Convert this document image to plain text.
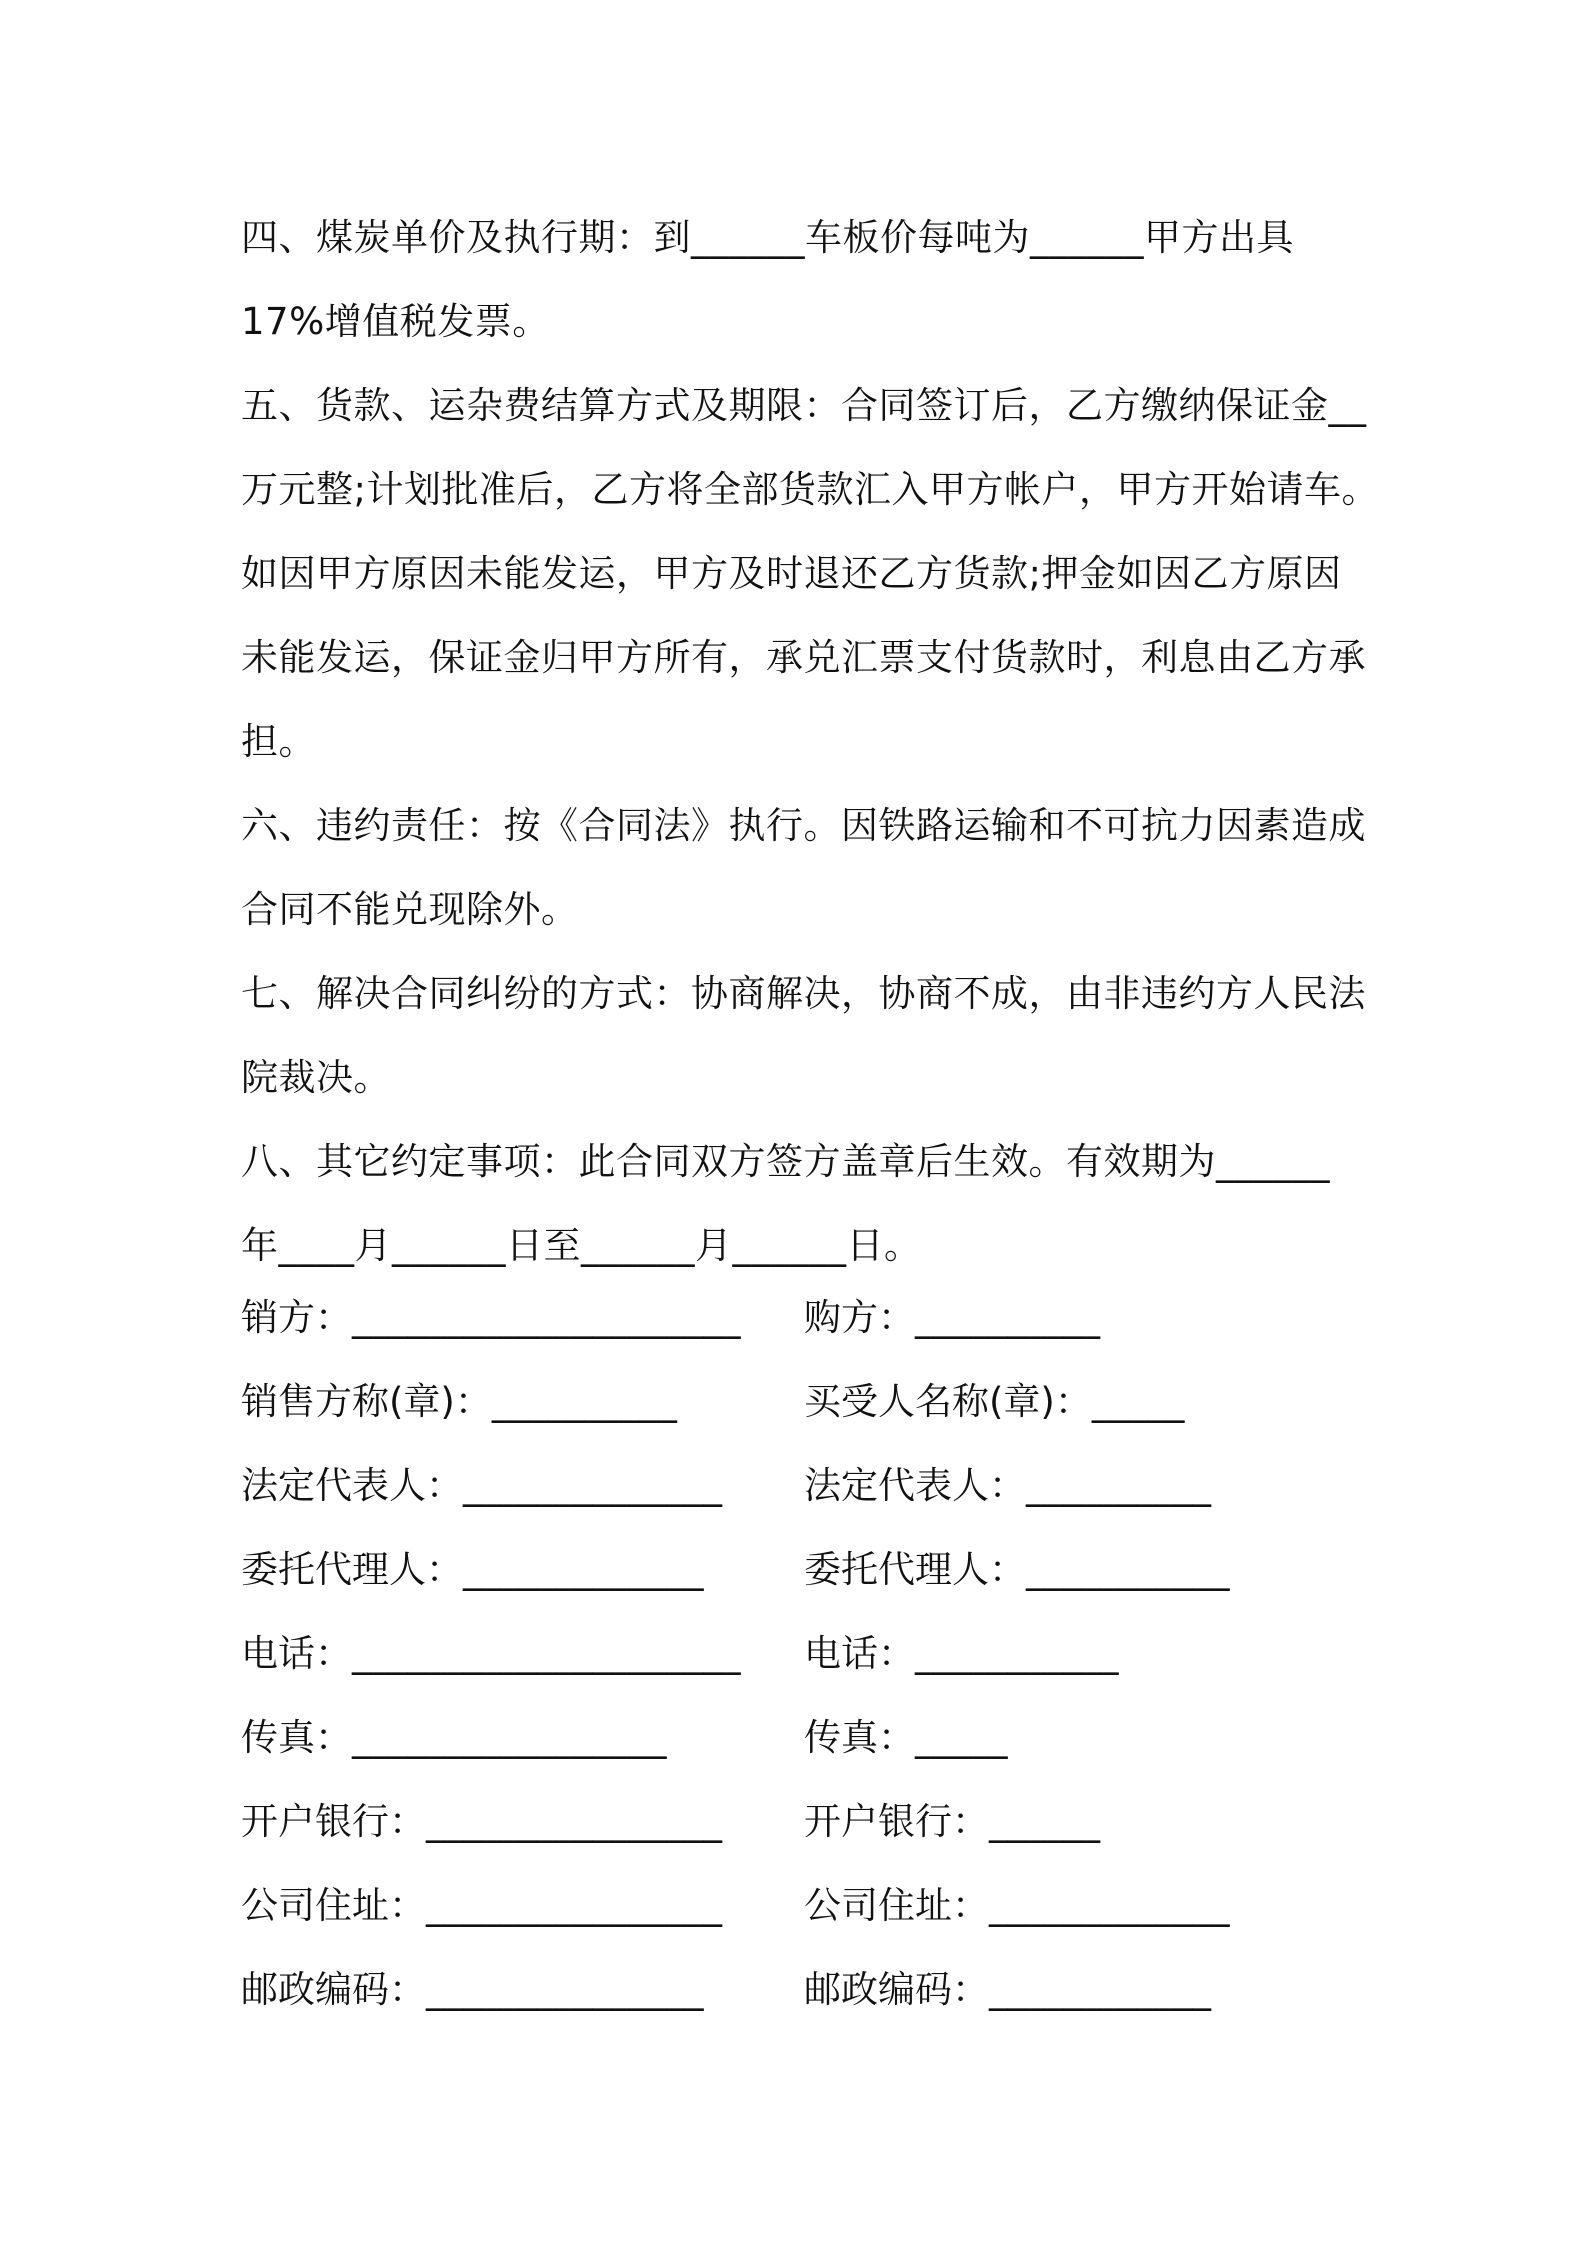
四、煤炭单价及执行期：到______车板价每吨为______甲方出具
17%增值税发票。
五、货款、运杂费结算方式及期限：合同签订后，乙方缴纳保证金__
万元整;计划批准后，乙方将全部货款汇入甲方帐户，甲方开始请车。
如因甲方原因未能发运，甲方及时退还乙方货款;押金如因乙方原因
未能发运，保证金归甲方所有，承兑汇票支付货款时，利息由乙方承
担。
六、违约责任：按《合同法》执行。因铁路运输和不可抗力因素造成
合同不能兑现除外。
七、解决合同纠纷的方式：协商解决，协商不成，由非违约方人民法
院裁决。
八、其它约定事项：此合同双方签方盖章后生效。有效期为______
年____月______日至______月______日。
销方：_____________________ 购方：__________
销售方称(章)：__________	买受人名称(章)：_____
法定代表人：______________ 法定代表人：__________
委托代理人：_____________	委托代理人：___________
电话：_____________________ 电话：___________
传真：_________________	传真：_____
开户银行：________________ 开户银行：______
公司住址：________________ 公司住址：_____________
邮政编码：_______________	邮政编码：____________
